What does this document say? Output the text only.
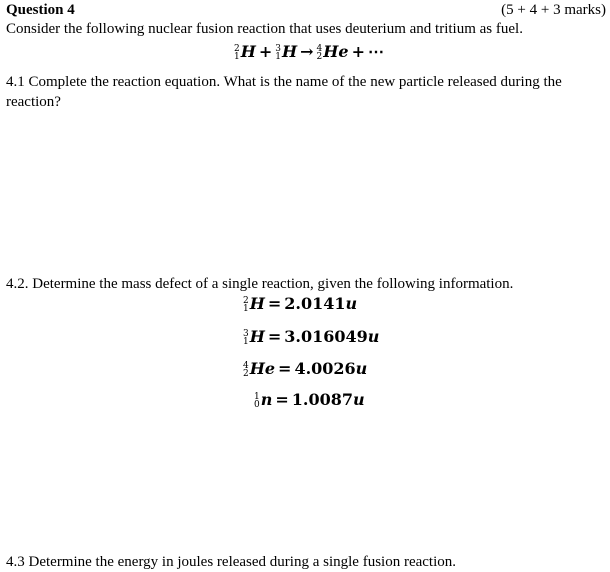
Question 4	(5 + 4 + 3 marks)
Consider the following nuclear fusion reaction that uses deuterium and tritium as fuel.
2
1 H + 3
1 H → 4
2 He + ⋯
4.1 Complete the reaction equation. What is the name of the new particle released during the reaction?
4.2. Determine the mass defect of a single reaction, given the following information.
2
1 H = 2.0141u
3
1 H = 3.016049u
4
2 He = 4.0026u
1
0 n = 1.0087u
4.3 Determine the energy in joules released during a single fusion reaction.
